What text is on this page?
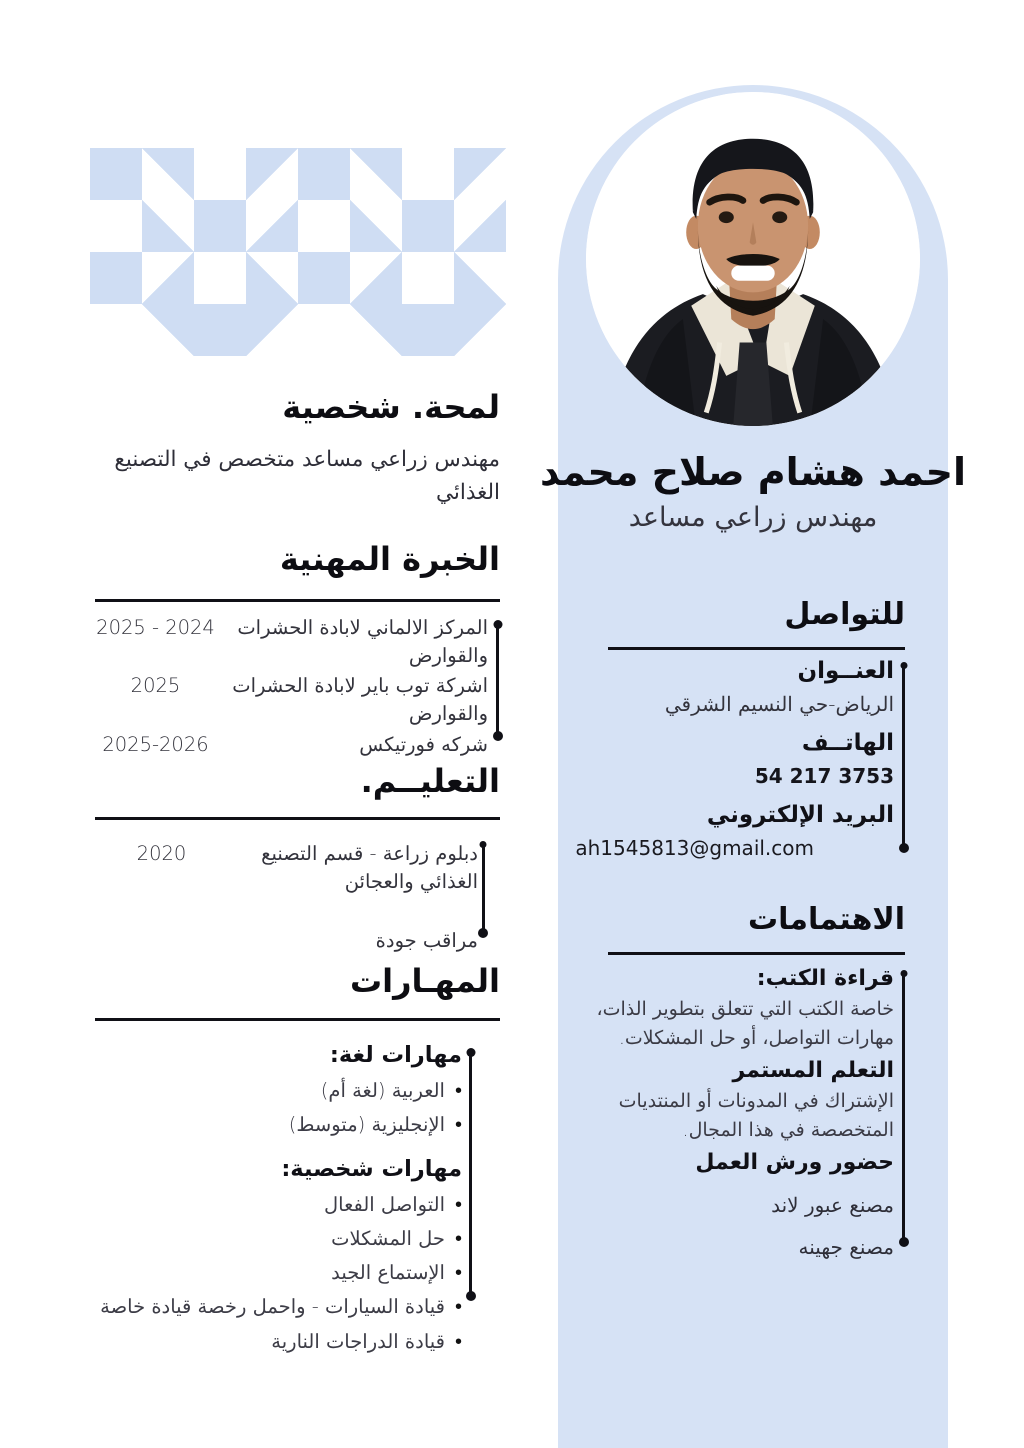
احمد هشام صلاح محمد
مهندس زراعي مساعد
للتواصل

العنــوان

الرياض-حي النسيم الشرقي

الهاتــف

54 217 3753

البريد الإلكتروني

ah1545813@gmail.com

الاهتمامات

قراءة الكتب:

خاصة الكتب التي تتعلق بتطوير الذات، مهارات التواصل، أو حل المشكلات.

التعلم المستمر

الإشتراك في المدونات أو المنتديات المتخصصة في هذا المجال.

حضور ورش العمل

مصنع عبور لاند

مصنع جهينه

لمحة. شخصية
مهندس زراعي مساعد متخصص في التصنيع الغذائي
الخبرة المهنية
المركز الالماني لابادة الحشرات والقوارض
2025 - 2024
اشركة توب باير لابادة الحشرات والقوارض
2025
شركه فورتيكس
2025-2026
التعليــم.
دبلوم زراعة - قسم التصنيع الغذائي والعجائن
2020
مراقب جودة
المهـارات

مهارات لغة:

• العربية (لغة أم)
• الإنجليزية (متوسط)

مهارات شخصية:

• التواصل الفعال
• حل المشكلات
• الإستماع الجيد
• قيادة السيارات - واحمل رخصة قيادة خاصة
• قيادة الدراجات النارية
